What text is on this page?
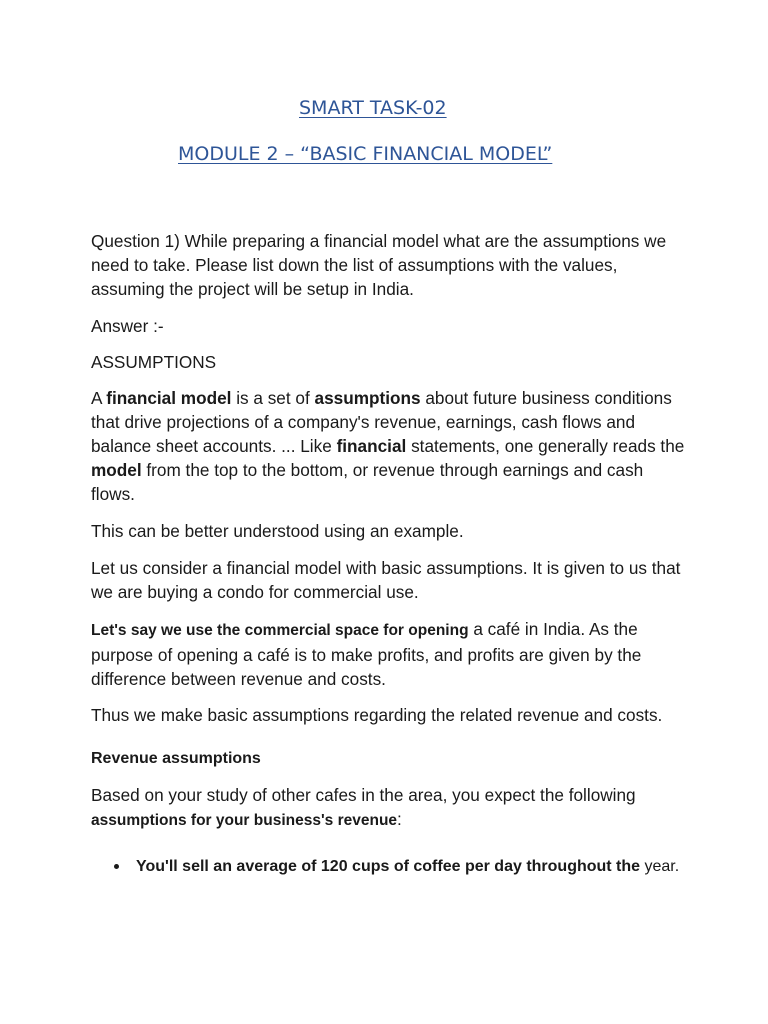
SMART TASK-02
MODULE 2 – “BASIC FINANCIAL MODEL”

Question 1) While preparing a financial model what are the assumptions we need to take. Please list down the list of assumptions with the values, assuming the project will be setup in India.

Answer :-

ASSUMPTIONS

A financial model is a set of assumptions about future business conditions that drive projections of a company's revenue, earnings, cash flows and balance sheet accounts. ... Like financial statements, one generally reads the model from the top to the bottom, or revenue through earnings and cash flows.

This can be better understood using an example.

Let us consider a financial model with basic assumptions. It is given to us that we are buying a condo for commercial use.

Let's say we use the commercial space for opening a café in India. As the purpose of opening a café is to make profits, and profits are given by the difference between revenue and costs.

Thus we make basic assumptions regarding the related revenue and costs.

Revenue assumptions

Based on your study of other cafes in the area, you expect the following assumptions for your business's revenue:

You'll sell an average of 120 cups of coffee per day throughout the year.
